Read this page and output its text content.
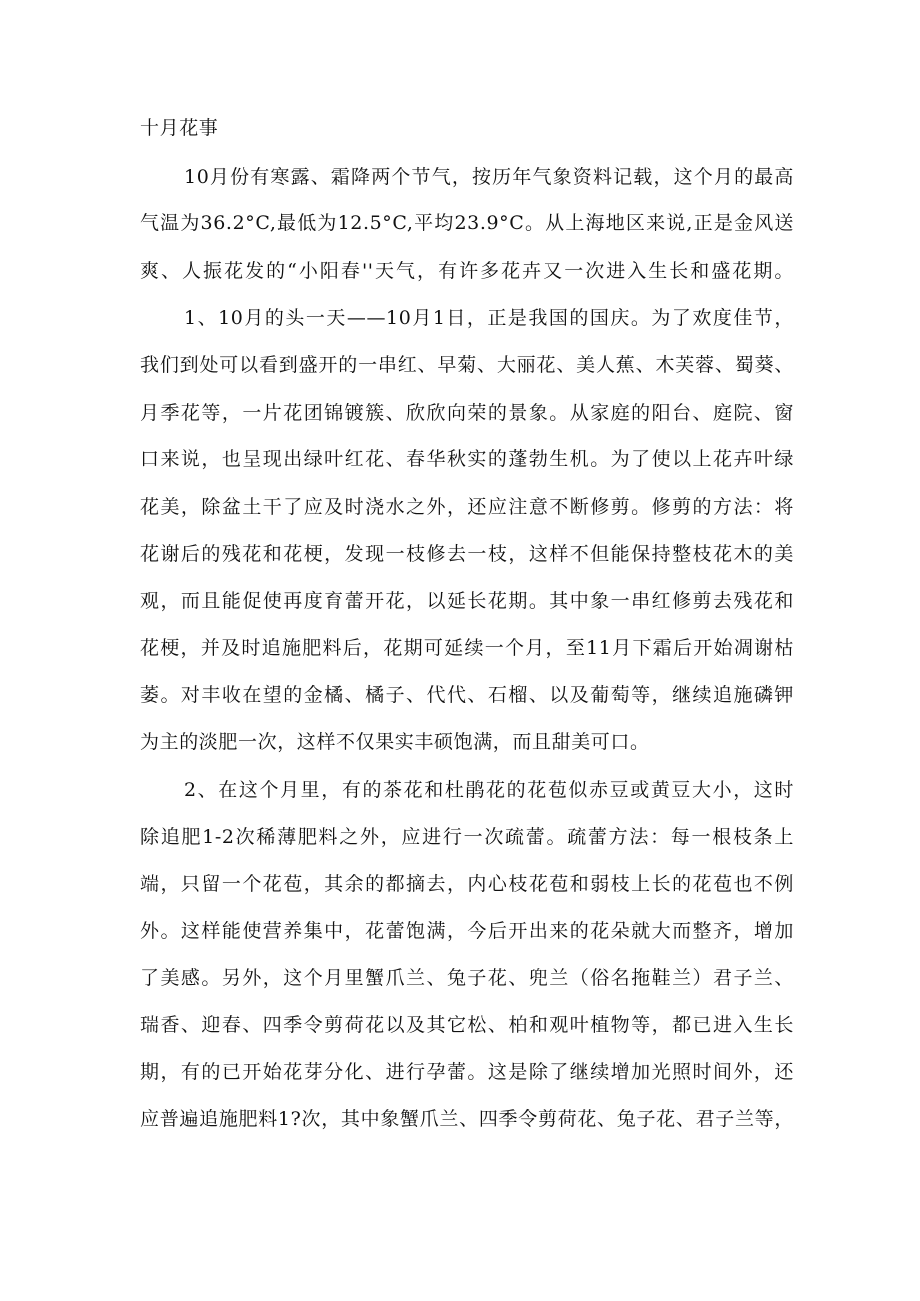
十月花事
10月份有寒露、霜降两个节气，按历年气象资料记载，这个月的最高
气温为36.2°C,最低为12.5°C,平均23.9°C。从上海地区来说,正是金风送
爽、人振花发的“小阳春''天气，有许多花卉又一次进入生长和盛花期。
1、10月的头一天——10月1日，正是我国的国庆。为了欢度佳节，
我们到处可以看到盛开的一串红、早菊、大丽花、美人蕉、木芙蓉、蜀葵、
月季花等，一片花团锦镀簇、欣欣向荣的景象。从家庭的阳台、庭院、窗
口来说，也呈现出绿叶红花、春华秋实的蓬勃生机。为了使以上花卉叶绿
花美，除盆土干了应及时浇水之外，还应注意不断修剪。修剪的方法：将
花谢后的残花和花梗，发现一枝修去一枝，这样不但能保持整枝花木的美
观，而且能促使再度育蕾开花，以延长花期。其中象一串红修剪去残花和
花梗，并及时追施肥料后，花期可延续一个月，至11月下霜后开始凋谢枯
萎。对丰收在望的金橘、橘子、代代、石榴、以及葡萄等，继续追施磷钾
为主的淡肥一次，这样不仅果实丰硕饱满，而且甜美可口。
2、在这个月里，有的茶花和杜鹃花的花苞似赤豆或黄豆大小，这时
除追肥1-2次稀薄肥料之外，应进行一次疏蕾。疏蕾方法：每一根枝条上
端，只留一个花苞，其余的都摘去，内心枝花苞和弱枝上长的花苞也不例
外。这样能使营养集中，花蕾饱满，今后开出来的花朵就大而整齐，增加
了美感。另外，这个月里蟹爪兰、兔子花、兜兰（俗名拖鞋兰）君子兰、
瑞香、迎春、四季令剪荷花以及其它松、柏和观叶植物等，都已进入生长
期，有的已开始花芽分化、进行孕蕾。这是除了继续增加光照时间外，还
应普遍追施肥料1?次，其中象蟹爪兰、四季令剪荷花、兔子花、君子兰等，
